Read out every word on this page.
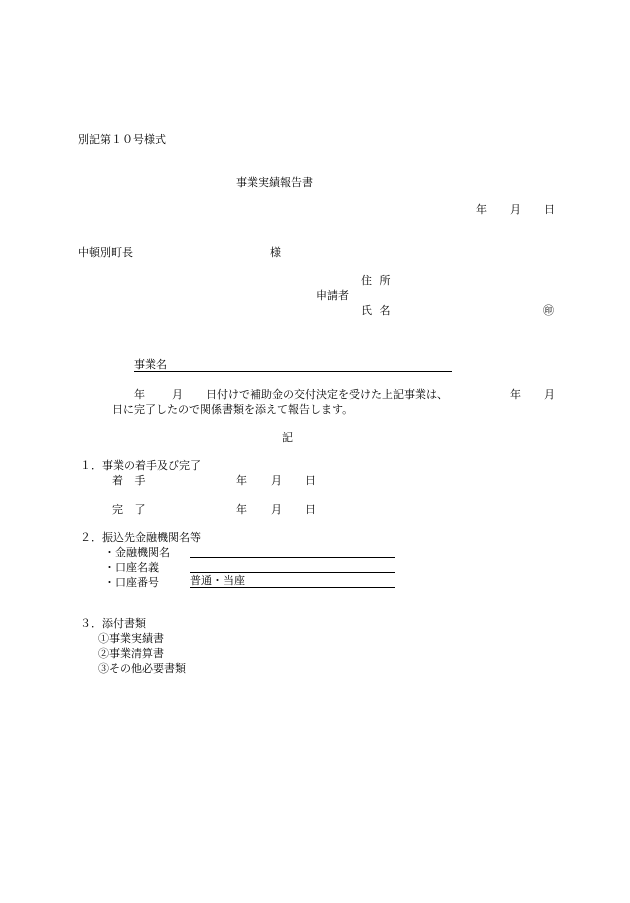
別記第１０号様式
事業実績報告書
年 月 日
中頓別町長	様
住 所
申請者
氏 名	㊞
事業名
年 月 日付けで補助金の交付決定を受けた上記事業は、	年 月
日に完了したので関係書類を添えて報告します。
記
１．事業の着手及び完了
着 手	年 月 日
完 了	年 月 日
２．振込先金融機関名等
・金融機関名
・口座名義
・口座番号	普通・当座
３．添付書類
①事業実績書
②事業清算書
③その他必要書類
